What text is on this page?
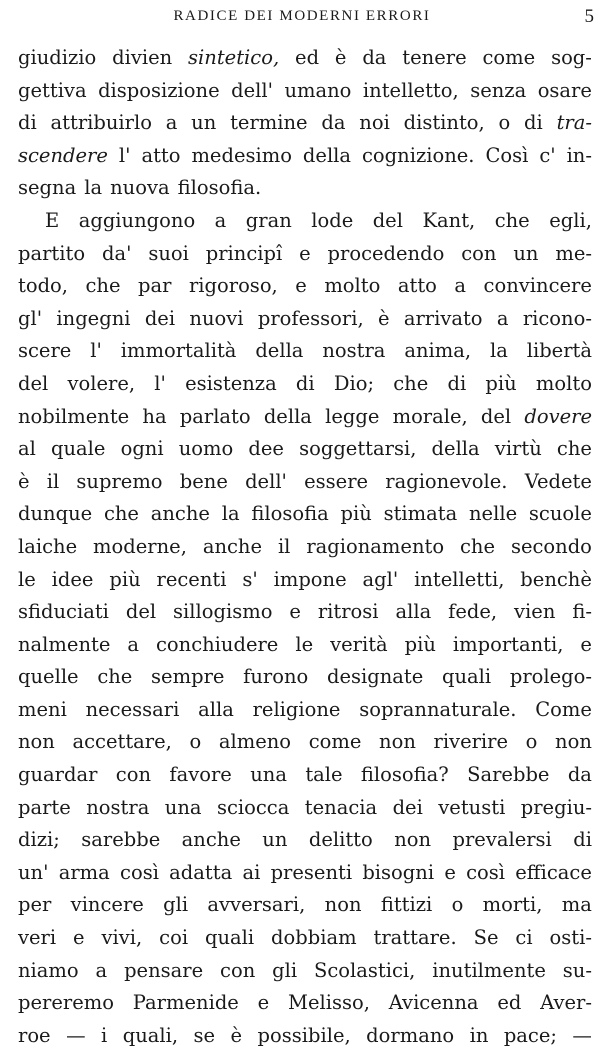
RADICE DEI MODERNI ERRORI	5
giudizio divien sintetico, ed è da tenere come sog-
gettiva disposizione dell' umano intelletto, senza osare
di attribuirlo a un termine da noi distinto, o di tra-
scendere l' atto medesimo della cognizione. Così c' in-
segna la nuova filosofia.
E aggiungono a gran lode del Kant, che egli,
partito da' suoi principî e procedendo con un me-
todo, che par rigoroso, e molto atto a convincere
gl' ingegni dei nuovi professori, è arrivato a ricono-
scere l' immortalità della nostra anima, la libertà
del volere, l' esistenza di Dio; che di più molto
nobilmente ha parlato della legge morale, del dovere
al quale ogni uomo dee soggettarsi, della virtù che
è il supremo bene dell' essere ragionevole. Vedete
dunque che anche la filosofia più stimata nelle scuole
laiche moderne, anche il ragionamento che secondo
le idee più recenti s' impone agl' intelletti, benchè
sfiduciati del sillogismo e ritrosi alla fede, vien fi-
nalmente a conchiudere le verità più importanti, e
quelle che sempre furono designate quali prolego-
meni necessari alla religione soprannaturale. Come
non accettare, o almeno come non riverire o non
guardar con favore una tale filosofia? Sarebbe da
parte nostra una sciocca tenacia dei vetusti pregiu-
dizi; sarebbe anche un delitto non prevalersi di
un' arma così adatta ai presenti bisogni e così efficace
per vincere gli avversari, non fittizi o morti, ma
veri e vivi, coi quali dobbiam trattare. Se ci osti-
niamo a pensare con gli Scolastici, inutilmente su-
pereremo Parmenide e Melisso, Avicenna ed Aver-
roe — i quali, se è possibile, dormano in pace; —
